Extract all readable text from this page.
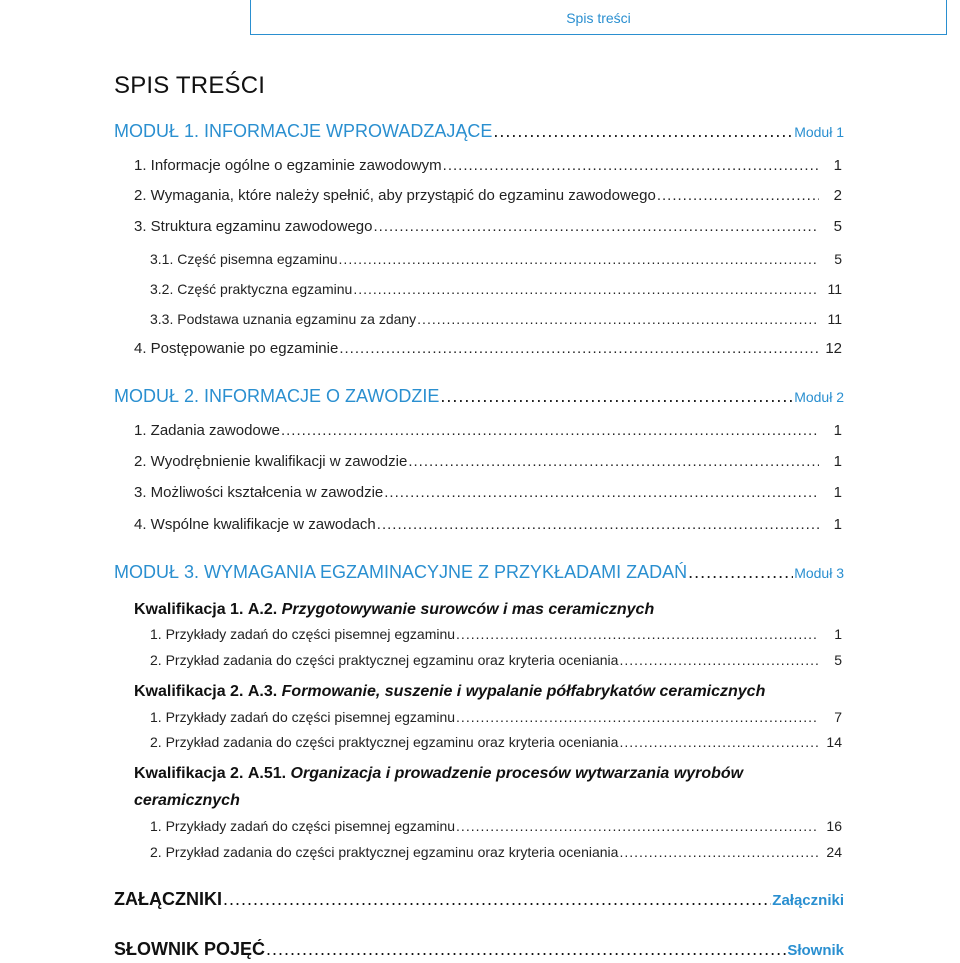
Spis treści
SPIS TREŚCI
MODUŁ 1. INFORMACJE WPROWADZAJĄCE .....	Moduł 1
1. Informacje ogólne o egzaminie zawodowym .....	1
2. Wymagania, które należy spełnić, aby przystąpić do egzaminu zawodowego .....	2
3. Struktura egzaminu zawodowego .....	5
3.1. Część pisemna egzaminu .....	5
3.2. Część praktyczna egzaminu .....	11
3.3. Podstawa uznania egzaminu za zdany .....	11
4. Postępowanie po egzaminie .....	12
MODUŁ 2. INFORMACJE O ZAWODZIE .....	Moduł 2
1. Zadania zawodowe .....	1
2. Wyodrębnienie kwalifikacji w zawodzie .....	1
3. Możliwości kształcenia w zawodzie .....	1
4. Wspólne kwalifikacje w zawodach .....	1
MODUŁ 3. WYMAGANIA EGZAMINACYJNE Z PRZYKŁADAMI ZADAŃ .....	Moduł 3

Kwalifikacja 1. A.2. Przygotowywanie surowców i mas ceramicznych

1. Przykłady zadań do części pisemnej egzaminu .....	1
2. Przykład zadania do części praktycznej egzaminu oraz kryteria oceniania .....	5

Kwalifikacja 2. A.3. Formowanie, suszenie i wypalanie półfabrykatów ceramicznych

1. Przykłady zadań do części pisemnej egzaminu .....	7
2. Przykład zadania do części praktycznej egzaminu oraz kryteria oceniania .....	14

Kwalifikacja 2. A.51. Organizacja i prowadzenie procesów wytwarzania wyrobów ceramicznych

1. Przykłady zadań do części pisemnej egzaminu .....	16
2. Przykład zadania do części praktycznej egzaminu oraz kryteria oceniania .....	24
ZAŁĄCZNIKI .....	Załączniki
SŁOWNIK POJĘĆ .....	Słownik
